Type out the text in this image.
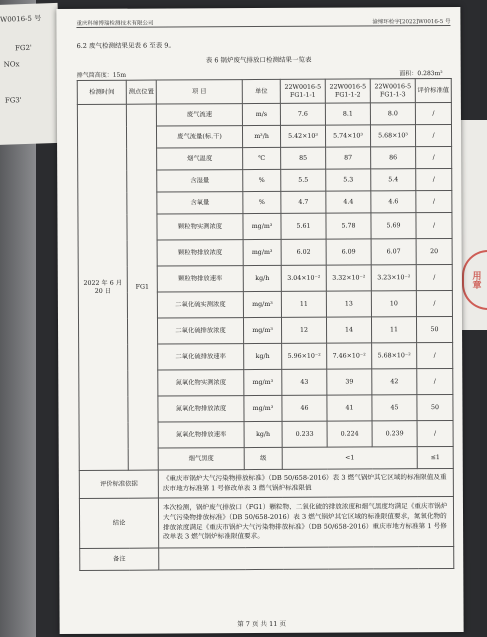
W0016-5 号
FG2'
NOx
FG3'
用章
重庆科缔博瑞检测技术有限公司	渝缔环检字[2022]W0016-5 号
6.2 废气检测结果见表 6 至表 9。
表 6 锅炉废气排放口检测结果一览表
排气筒高度：15m	面积：0.283m²
检测时间	测点位置	项 目	单位	22W0016-5 FG1-1-1	22W0016-5 FG1-1-2	22W0016-5 FG1-1-3	评价标准值
2022 年 6 月 20 日	FG1	废气流速	m/s	7.6	8.1	8.0	/
		废气流量(标.干)	m³/h	5.42×10³	5.74×10³	5.68×10³	/
		烟气温度	℃	85	87	86	/
		含湿量	%	5.5	5.3	5.4	/
		含氧量	%	4.7	4.4	4.6	/
		颗粒物实测浓度	mg/m³	5.61	5.78	5.69	/
		颗粒物排放浓度	mg/m³	6.02	6.09	6.07	20
		颗粒物排放速率	kg/h	3.04×10⁻²	3.32×10⁻²	3.23×10⁻²	/
		二氧化硫实测浓度	mg/m³	11	13	10	/
		二氧化硫排放浓度	mg/m³	12	14	11	50
		二氧化硫排放速率	kg/h	5.96×10⁻²	7.46×10⁻²	5.68×10⁻²	/
		氮氧化物实测浓度	mg/m³	43	39	42	/
		氮氧化物排放浓度	mg/m³	46	41	45	50
		氮氧化物排放速率	kg/h	0.233	0.224	0.239	/
		烟气黑度	级	<1			≤1
评价标准依据		《重庆市锅炉大气污染物排放标准》（DB 50/658-2016）表 3 燃气锅炉其它区域的标准限值及重庆市地方标准第 1 号修改单表 3 燃气锅炉标准限值					
结论		本次检测，锅炉废气排放口（FG1）颗粒物、二氧化硫的排放浓度和烟气黑度均满足《重庆市锅炉大气污染物排放标准》（DB 50/658-2016）表 3 燃气锅炉其它区域的标准限值要求，氮氧化物的排放浓度满足《重庆市锅炉大气污染物排放标准》（DB 50/658-2016）重庆市地方标准第 1 号修改单表 3 燃气锅炉标准限值要求。					
备注							
第 7 页 共 11 页
